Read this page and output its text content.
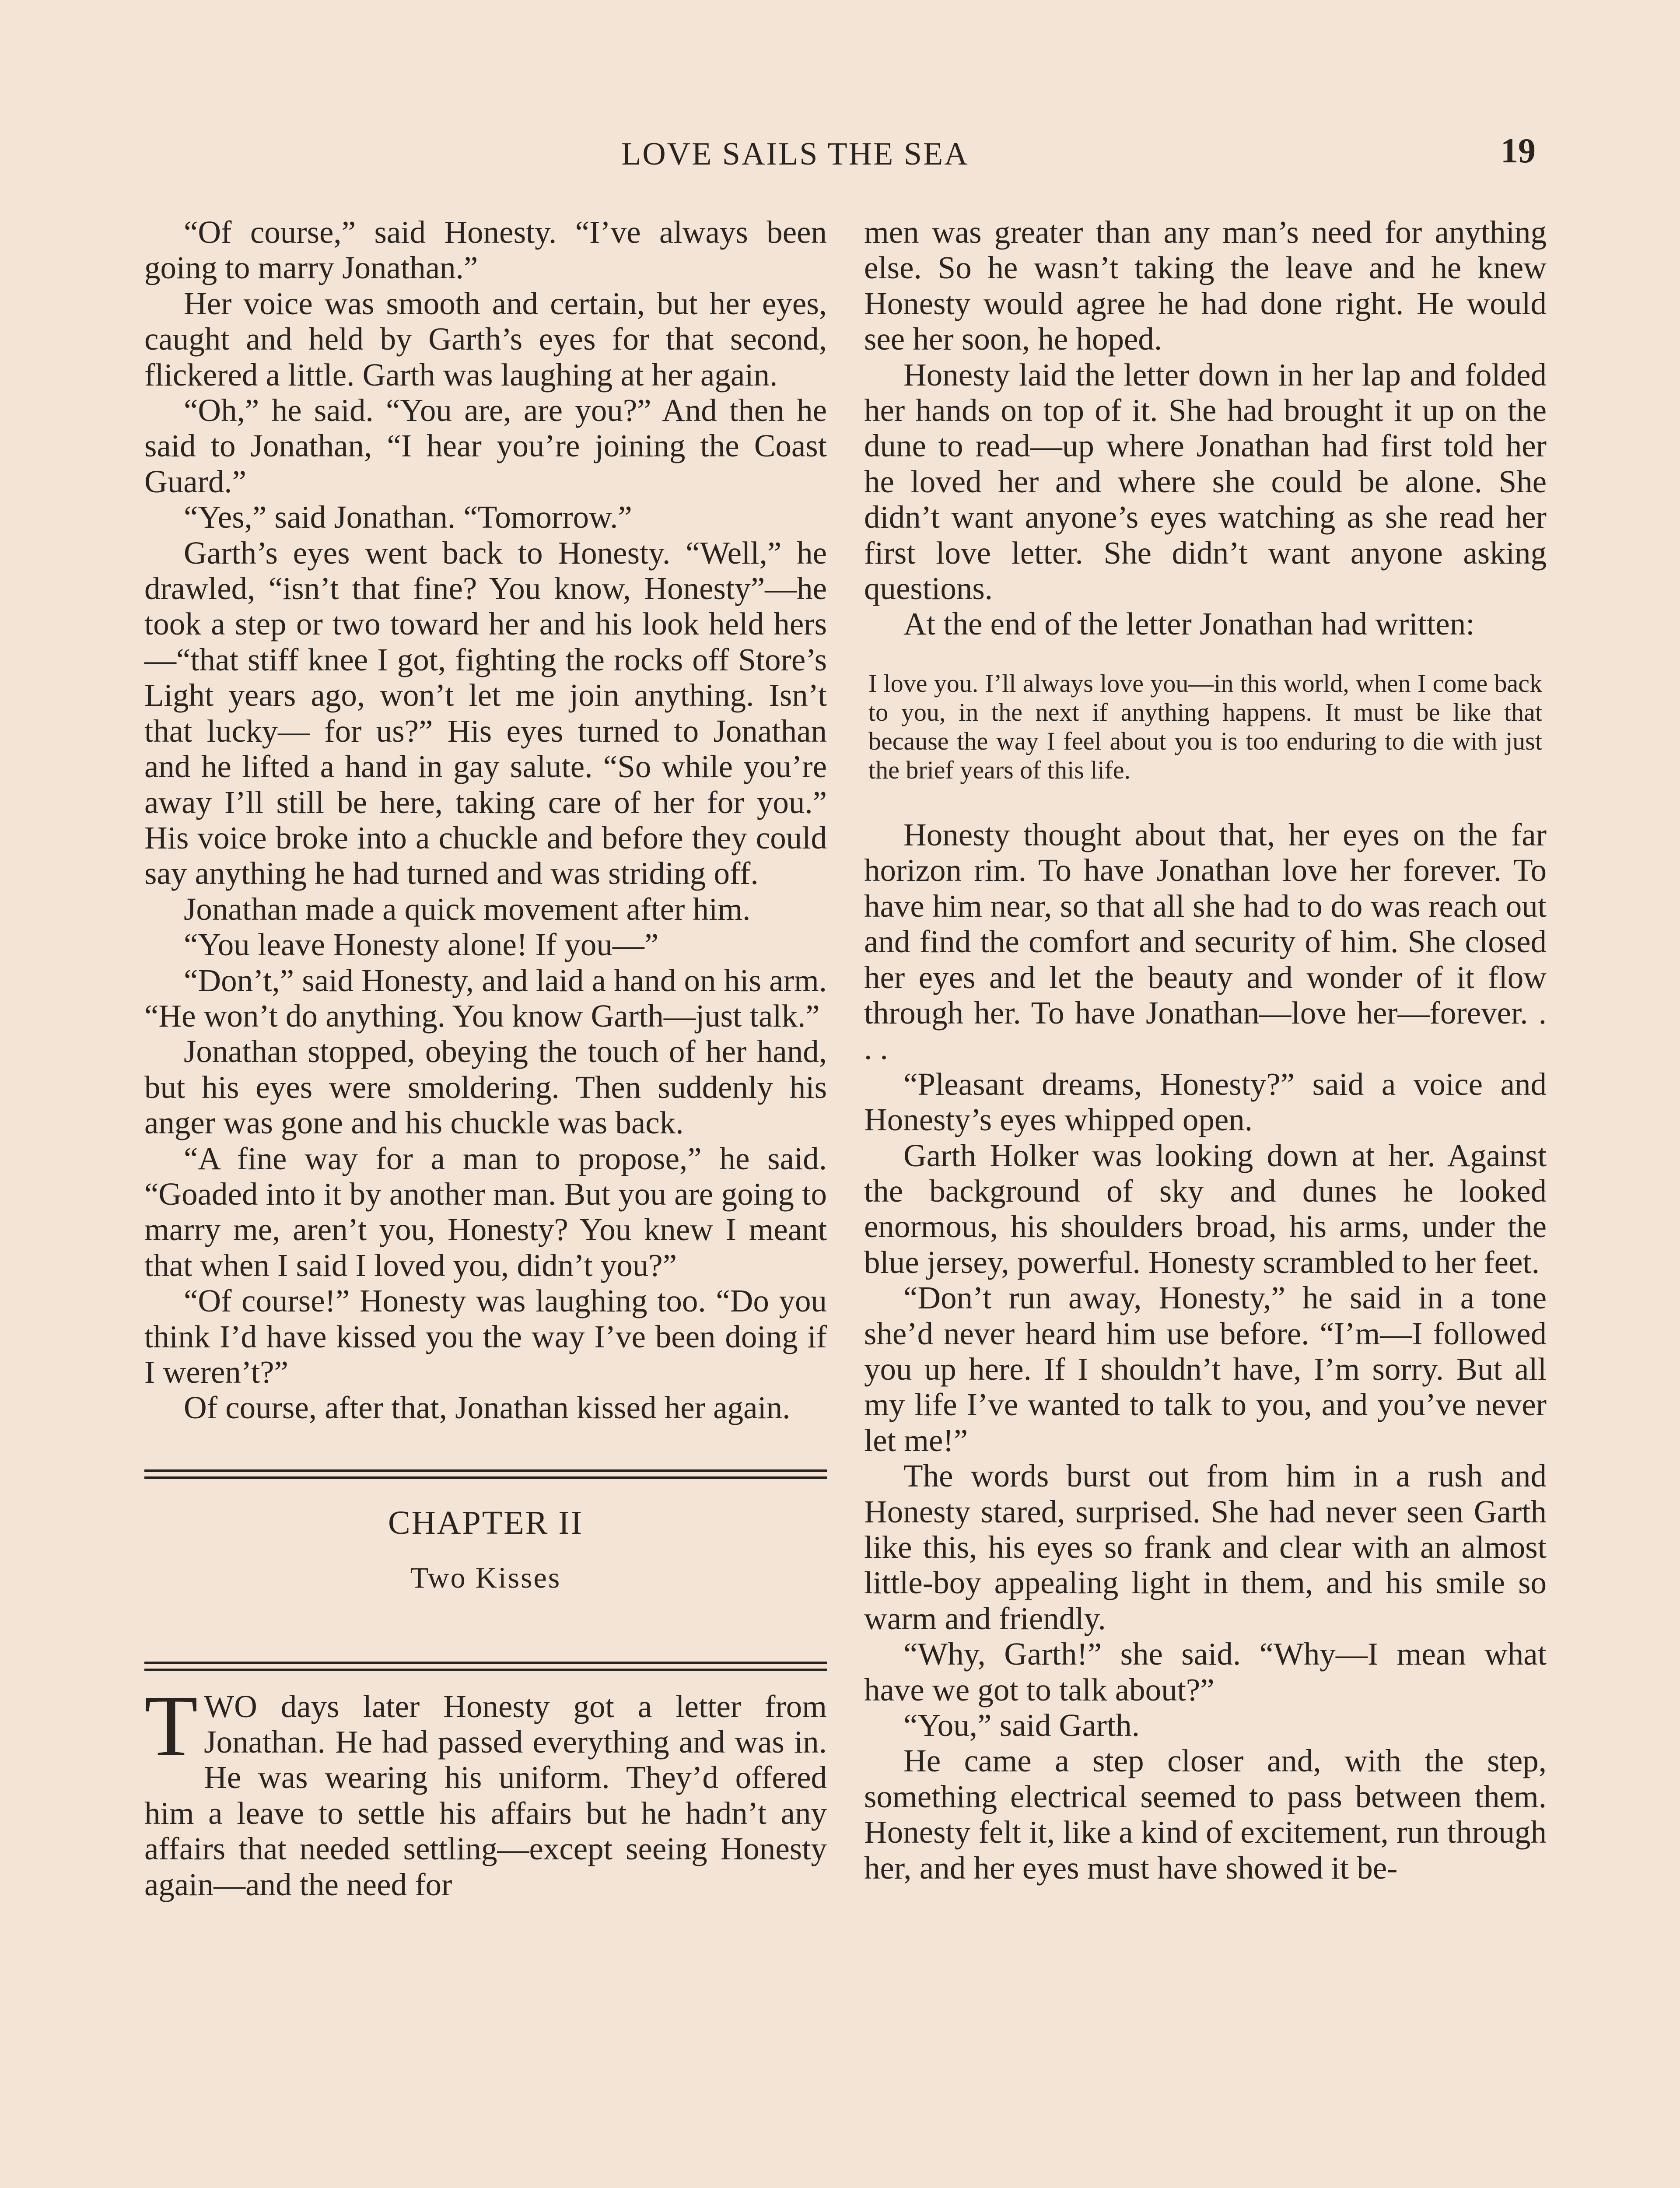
LOVE SAILS THE SEA	19

“Of course,” said Honesty. “I’ve always been going to marry Jonathan.”

Her voice was smooth and certain, but her eyes, caught and held by Garth’s eyes for that second, flickered a little. Garth was laughing at her again.

“Oh,” he said. “You are, are you?” And then he said to Jonathan, “I hear you’re joining the Coast Guard.”

“Yes,” said Jonathan. “Tomorrow.”

Garth’s eyes went back to Honesty. “Well,” he drawled, “isn’t that fine? You know, Honesty”—he took a step or two toward her and his look held hers —“that stiff knee I got, fighting the rocks off Store’s Light years ago, won’t let me join anything. Isn’t that lucky— for us?” His eyes turned to Jonathan and he lifted a hand in gay salute. “So while you’re away I’ll still be here, taking care of her for you.” His voice broke into a chuckle and before they could say anything he had turned and was striding off.

Jonathan made a quick movement after him.

“You leave Honesty alone! If you—”

“Don’t,” said Honesty, and laid a hand on his arm. “He won’t do anything. You know Garth—just talk.”

Jonathan stopped, obeying the touch of her hand, but his eyes were smoldering. Then suddenly his anger was gone and his chuckle was back.

“A fine way for a man to propose,” he said. “Goaded into it by another man. But you are going to marry me, aren’t you, Honesty? You knew I meant that when I said I loved you, didn’t you?”

“Of course!” Honesty was laughing too. “Do you think I’d have kissed you the way I’ve been doing if I weren’t?”

Of course, after that, Jonathan kissed her again.

CHAPTER II
Two Kisses

TWO days later Honesty got a letter from Jonathan. He had passed everything and was in. He was wearing his uniform. They’d offered him a leave to settle his affairs but he hadn’t any affairs that needed settling—except seeing Honesty again—and the need for

men was greater than any man’s need for anything else. So he wasn’t taking the leave and he knew Honesty would agree he had done right. He would see her soon, he hoped.

Honesty laid the letter down in her lap and folded her hands on top of it. She had brought it up on the dune to read—up where Jonathan had first told her he loved her and where she could be alone. She didn’t want anyone’s eyes watching as she read her first love letter. She didn’t want anyone asking questions.

At the end of the letter Jonathan had written:

I love you. I’ll always love you—in this world, when I come back to you, in the next if anything happens. It must be like that because the way I feel about you is too enduring to die with just the brief years of this life.

Honesty thought about that, her eyes on the far horizon rim. To have Jonathan love her forever. To have him near, so that all she had to do was reach out and find the comfort and security of him. She closed her eyes and let the beauty and wonder of it flow through her. To have Jonathan—love her—forever. . . .

“Pleasant dreams, Honesty?” said a voice and Honesty’s eyes whipped open.

Garth Holker was looking down at her. Against the background of sky and dunes he looked enormous, his shoulders broad, his arms, under the blue jersey, powerful. Honesty scrambled to her feet.

“Don’t run away, Honesty,” he said in a tone she’d never heard him use before. “I’m—I followed you up here. If I shouldn’t have, I’m sorry. But all my life I’ve wanted to talk to you, and you’ve never let me!”

The words burst out from him in a rush and Honesty stared, surprised. She had never seen Garth like this, his eyes so frank and clear with an almost little-boy appealing light in them, and his smile so warm and friendly.

“Why, Garth!” she said. “Why—I mean what have we got to talk about?”

“You,” said Garth.

He came a step closer and, with the step, something electrical seemed to pass between them. Honesty felt it, like a kind of excitement, run through her, and her eyes must have showed it be-
